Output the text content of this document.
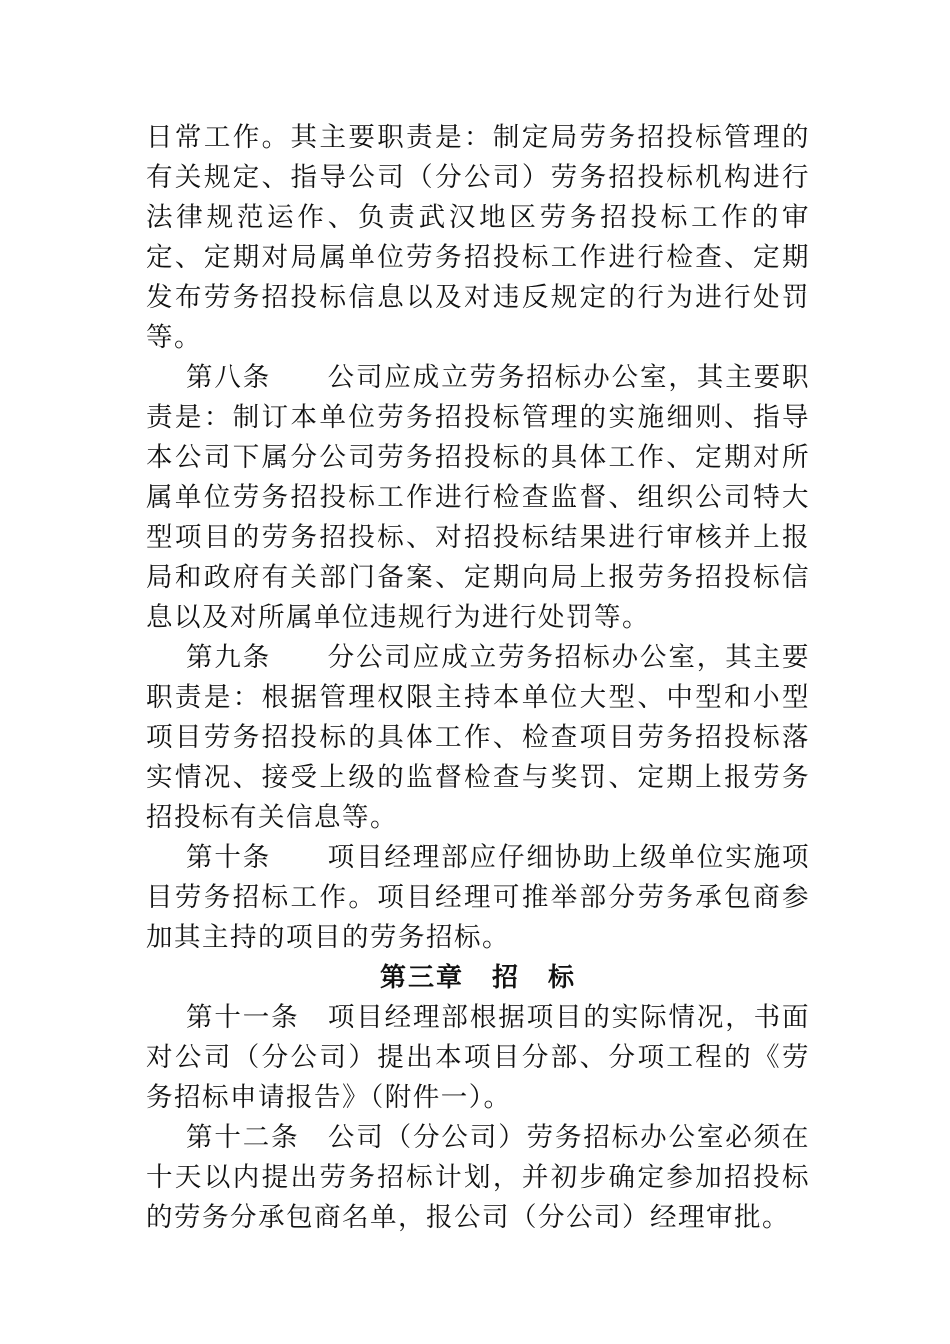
日常工作。其主要职责是：制定局劳务招投标管理的有关规定、指导公司（分公司）劳务招投标机构进行法律规范运作、负责武汉地区劳务招投标工作的审定、定期对局属单位劳务招投标工作进行检查、定期发布劳务招投标信息以及对违反规定的行为进行处罚等。

第八条 公司应成立劳务招标办公室，其主要职责是：制订本单位劳务招投标管理的实施细则、指导本公司下属分公司劳务招投标的具体工作、定期对所属单位劳务招投标工作进行检查监督、组织公司特大型项目的劳务招投标、对招投标结果进行审核并上报局和政府有关部门备案、定期向局上报劳务招投标信息以及对所属单位违规行为进行处罚等。

第九条 分公司应成立劳务招标办公室，其主要职责是：根据管理权限主持本单位大型、中型和小型项目劳务招投标的具体工作、检查项目劳务招投标落实情况、接受上级的监督检查与奖罚、定期上报劳务招投标有关信息等。

第十条 项目经理部应仔细协助上级单位实施项目劳务招标工作。项目经理可推举部分劳务承包商参加其主持的项目的劳务招标。

第三章　招　标

第十一条 项目经理部根据项目的实际情况，书面对公司（分公司）提出本项目分部、分项工程的《劳务招标申请报告》（附件一）。

第十二条 公司（分公司）劳务招标办公室必须在十天以内提出劳务招标计划，并初步确定参加招投标的劳务分承包商名单，报公司（分公司）经理审批。
